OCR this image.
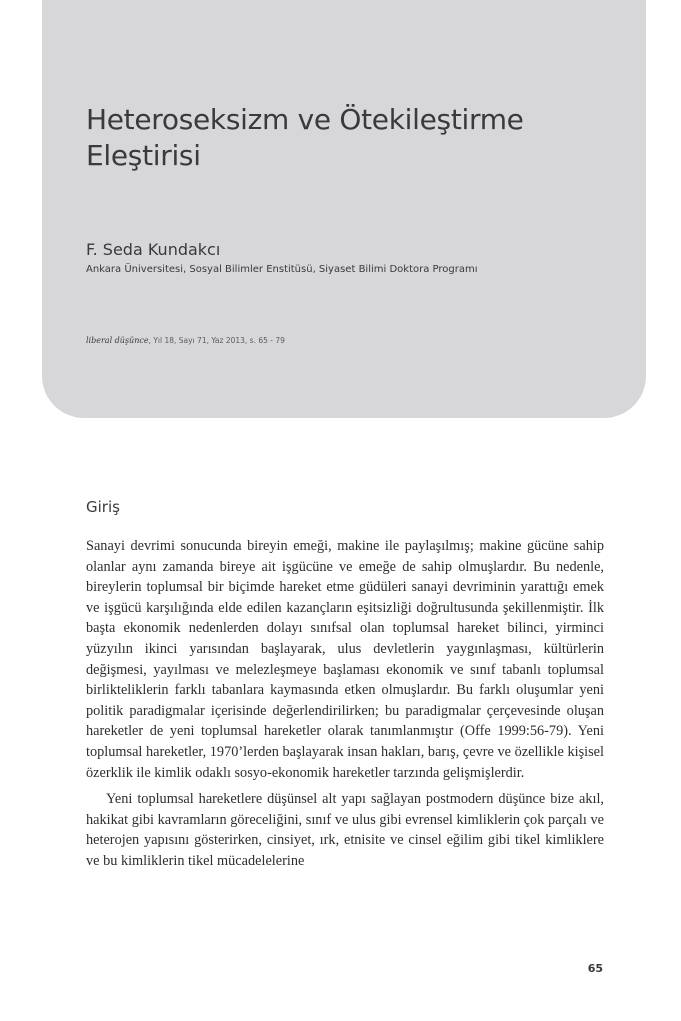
Heteroseksizm ve Ötekileştirme
Eleştirisi
F. Seda Kundakcı
Ankara Üniversitesi, Sosyal Bilimler Enstitüsü, Siyaset Bilimi Doktora Programı
liberal düşünce, Yıl 18, Sayı 71, Yaz 2013, s. 65 - 79
Giriş

Sanayi devrimi sonucunda bireyin emeği, makine ile paylaşılmış; makine gücüne sahip olanlar aynı zamanda bireye ait işgücüne ve emeğe de sahip olmuşlardır. Bu nedenle, bireylerin toplumsal bir biçimde hareket etme güdüleri sanayi devriminin yarattığı emek ve işgücü karşılığında elde edilen kazançların eşitsizliği doğrultusunda şekillenmiştir. İlk başta ekonomik nedenlerden dolayı sınıfsal olan toplumsal hareket bilinci, yirminci yüzyılın ikinci yarısından başlayarak, ulus devletlerin yaygınlaşması, kültürlerin değişmesi, yayılması ve melezleşmeye başlaması ekonomik ve sınıf tabanlı toplumsal birlikteliklerin farklı tabanlara kaymasında etken olmuşlardır. Bu farklı oluşumlar yeni politik paradigmalar içerisinde değerlendirilirken; bu paradigmalar çerçevesinde oluşan hareketler de yeni toplumsal hareketler olarak tanımlanmıştır (Offe 1999:56-79). Yeni toplumsal hareketler, 1970’lerden başlayarak insan hakları, barış, çevre ve özellikle kişisel özerklik ile kimlik odaklı sosyo-ekonomik hareketler tarzında gelişmişlerdir.

Yeni toplumsal hareketlere düşünsel alt yapı sağlayan postmodern düşünce bize akıl, hakikat gibi kavramların göreceliğini, sınıf ve ulus gibi evrensel kimliklerin çok parçalı ve heterojen yapısını gösterirken, cinsiyet, ırk, etnisite ve cinsel eğilim gibi tikel kimliklere ve bu kimliklerin tikel mücadelelerine

65
